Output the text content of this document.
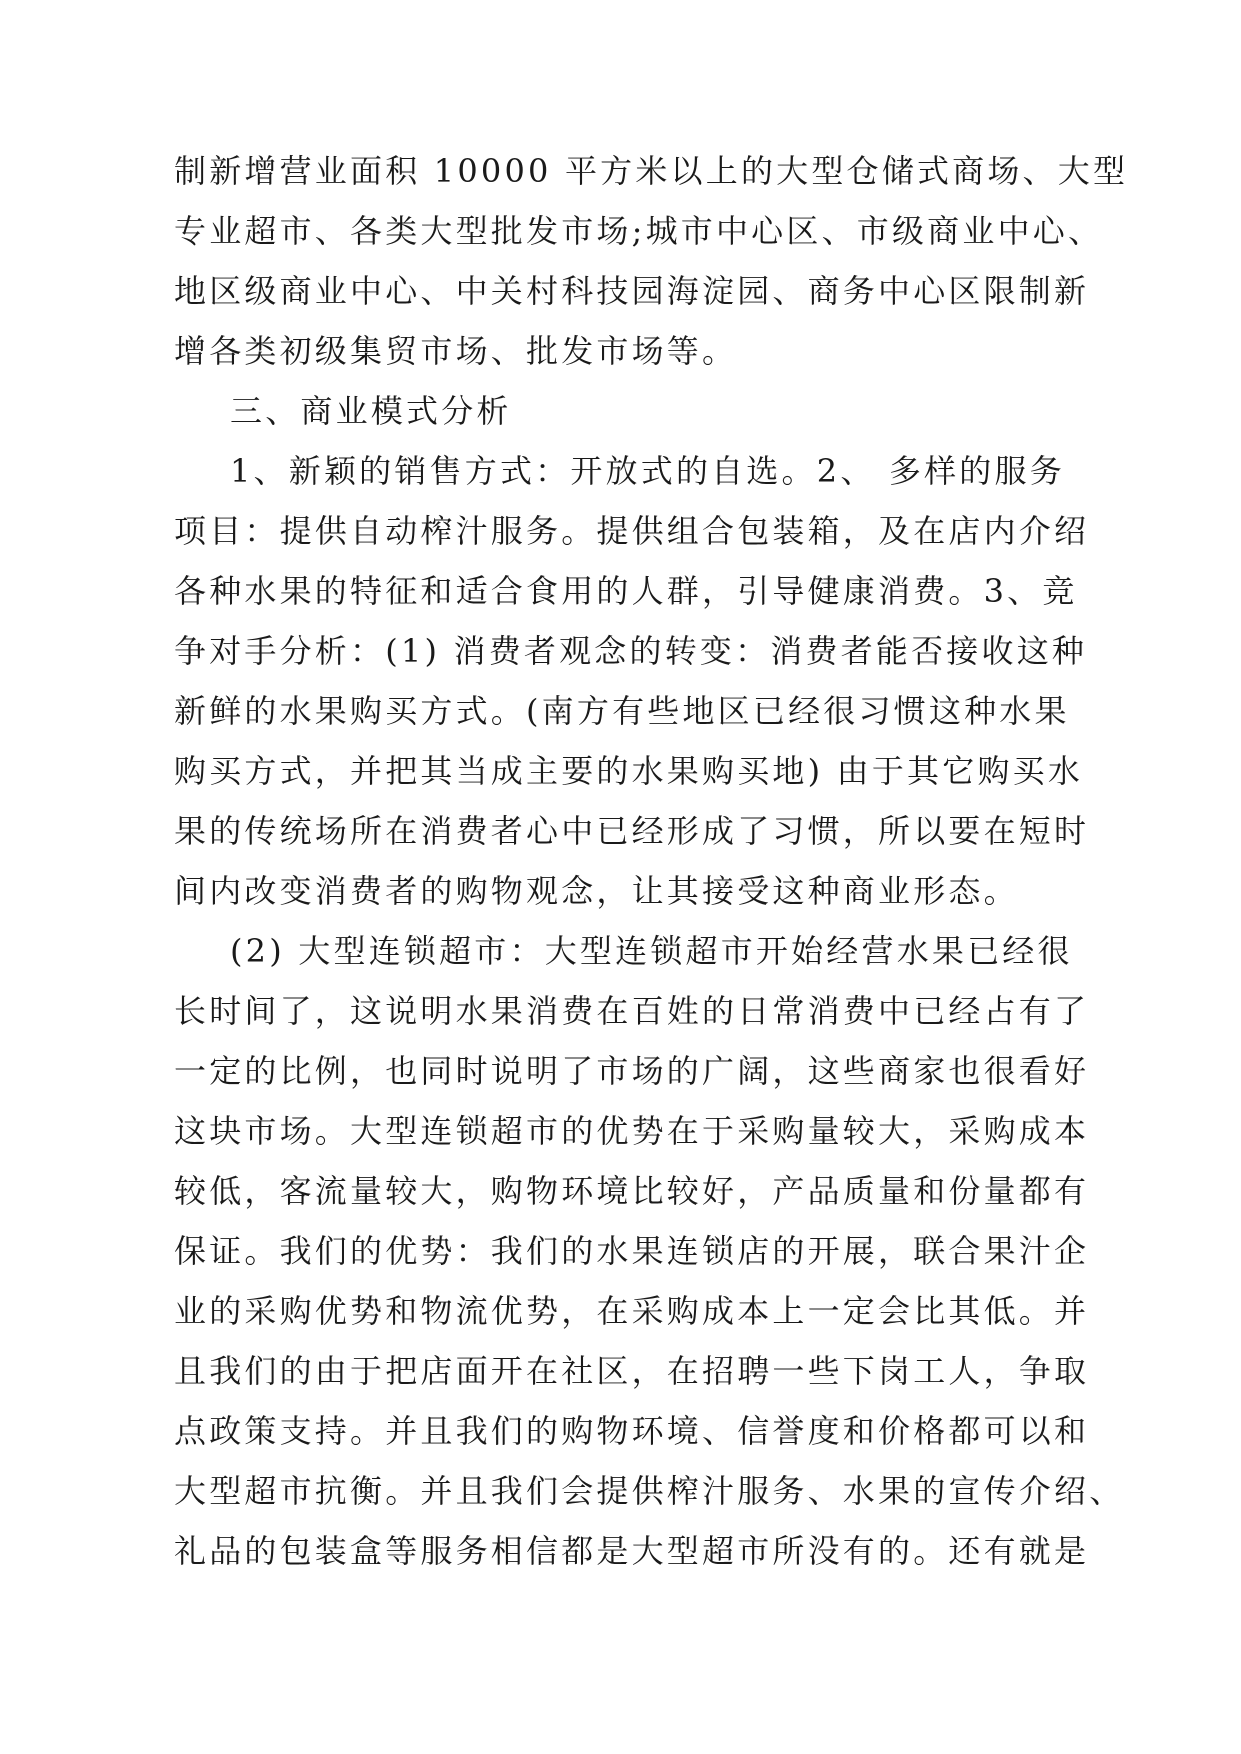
制新增营业面积 10000 平方米以上的大型仓储式商场、大型
专业超市、各类大型批发市场;城市中心区、市级商业中心、
地区级商业中心、中关村科技园海淀园、商务中心区限制新
增各类初级集贸市场、批发市场等。
三、商业模式分析
1、新颖的销售方式：开放式的自选。2、 多样的服务
项目：提供自动榨汁服务。提供组合包装箱，及在店内介绍
各种水果的特征和适合食用的人群，引导健康消费。3、竞
争对手分析：(1) 消费者观念的转变：消费者能否接收这种
新鲜的水果购买方式。(南方有些地区已经很习惯这种水果
购买方式，并把其当成主要的水果购买地) 由于其它购买水
果的传统场所在消费者心中已经形成了习惯，所以要在短时
间内改变消费者的购物观念，让其接受这种商业形态。
(2) 大型连锁超市：大型连锁超市开始经营水果已经很
长时间了，这说明水果消费在百姓的日常消费中已经占有了
一定的比例，也同时说明了市场的广阔，这些商家也很看好
这块市场。大型连锁超市的优势在于采购量较大，采购成本
较低，客流量较大，购物环境比较好，产品质量和份量都有
保证。我们的优势：我们的水果连锁店的开展，联合果汁企
业的采购优势和物流优势，在采购成本上一定会比其低。并
且我们的由于把店面开在社区，在招聘一些下岗工人，争取
点政策支持。并且我们的购物环境、信誉度和价格都可以和
大型超市抗衡。并且我们会提供榨汁服务、水果的宣传介绍、
礼品的包装盒等服务相信都是大型超市所没有的。还有就是
